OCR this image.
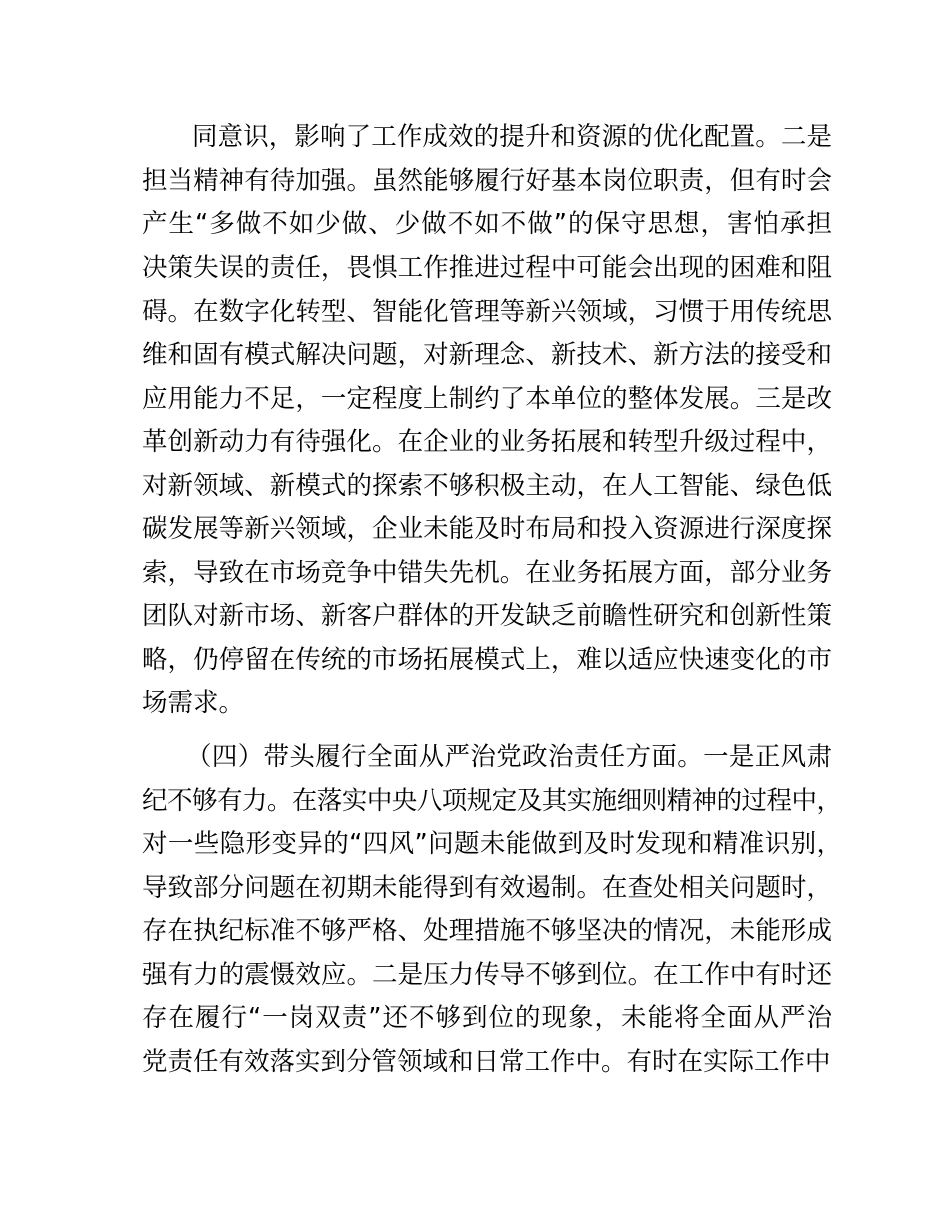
同意识，影响了工作成效的提升和资源的优化配置。二是
担当精神有待加强。虽然能够履行好基本岗位职责，但有时会
产生“多做不如少做、少做不如不做”的保守思想，害怕承担
决策失误的责任，畏惧工作推进过程中可能会出现的困难和阻
碍。在数字化转型、智能化管理等新兴领域，习惯于用传统思
维和固有模式解决问题，对新理念、新技术、新方法的接受和
应用能力不足，一定程度上制约了本单位的整体发展。三是改
革创新动力有待强化。在企业的业务拓展和转型升级过程中，
对新领域、新模式的探索不够积极主动，在人工智能、绿色低
碳发展等新兴领域，企业未能及时布局和投入资源进行深度探
索，导致在市场竞争中错失先机。在业务拓展方面，部分业务
团队对新市场、新客户群体的开发缺乏前瞻性研究和创新性策
略，仍停留在传统的市场拓展模式上，难以适应快速变化的市
场需求。
（四）带头履行全面从严治党政治责任方面。一是正风肃
纪不够有力。在落实中央八项规定及其实施细则精神的过程中，
对一些隐形变异的“四风”问题未能做到及时发现和精准识别，
导致部分问题在初期未能得到有效遏制。在查处相关问题时，
存在执纪标准不够严格、处理措施不够坚决的情况，未能形成
强有力的震慑效应。二是压力传导不够到位。在工作中有时还
存在履行“一岗双责”还不够到位的现象，未能将全面从严治
党责任有效落实到分管领域和日常工作中。有时在实际工作中
